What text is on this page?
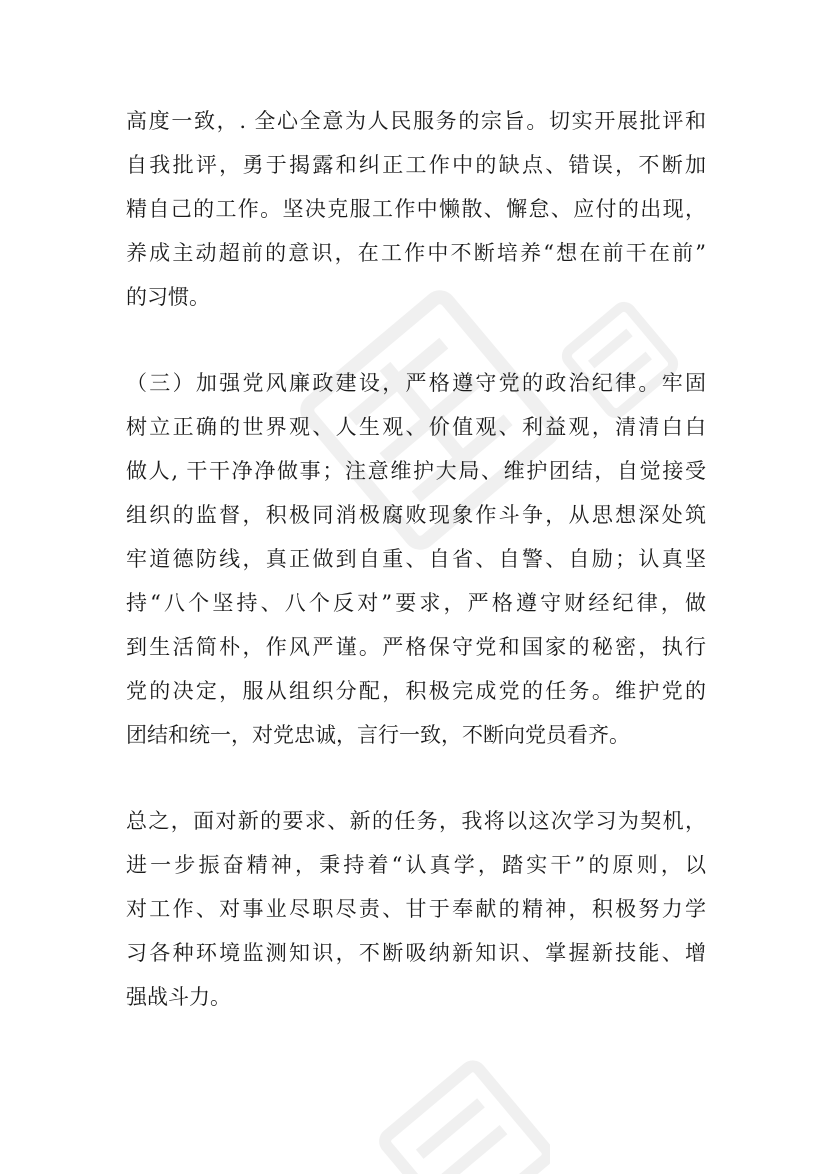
高度一致，. 全心全意为人民服务的宗旨。切实开展批评和

自我批评，勇于揭露和纠正工作中的缺点、错误，不断加

精自己的工作。坚决克服工作中懒散、懈怠、应付的出现，

养成主动超前的意识，在工作中不断培养“想在前干在前”

的习惯。

（三）加强党风廉政建设，严格遵守党的政治纪律。牢固

树立正确的世界观、人生观、价值观、利益观，清清白白

做人, 干干净净做事；注意维护大局、维护团结，自觉接受

组织的监督，积极同消极腐败现象作斗争，从思想深处筑

牢道德防线，真正做到自重、自省、自警、自励；认真坚

持“八个坚持、八个反对”要求，严格遵守财经纪律，做

到生活简朴，作风严谨。严格保守党和国家的秘密，执行

党的决定，服从组织分配，积极完成党的任务。维护党的

团结和统一，对党忠诚，言行一致，不断向党员看齐。

总之，面对新的要求、新的任务，我将以这次学习为契机，

进一步振奋精神，秉持着“认真学，踏实干”的原则，以

对工作、对事业尽职尽责、甘于奉献的精神，积极努力学

习各种环境监测知识，不断吸纳新知识、掌握新技能、增

强战斗力。
